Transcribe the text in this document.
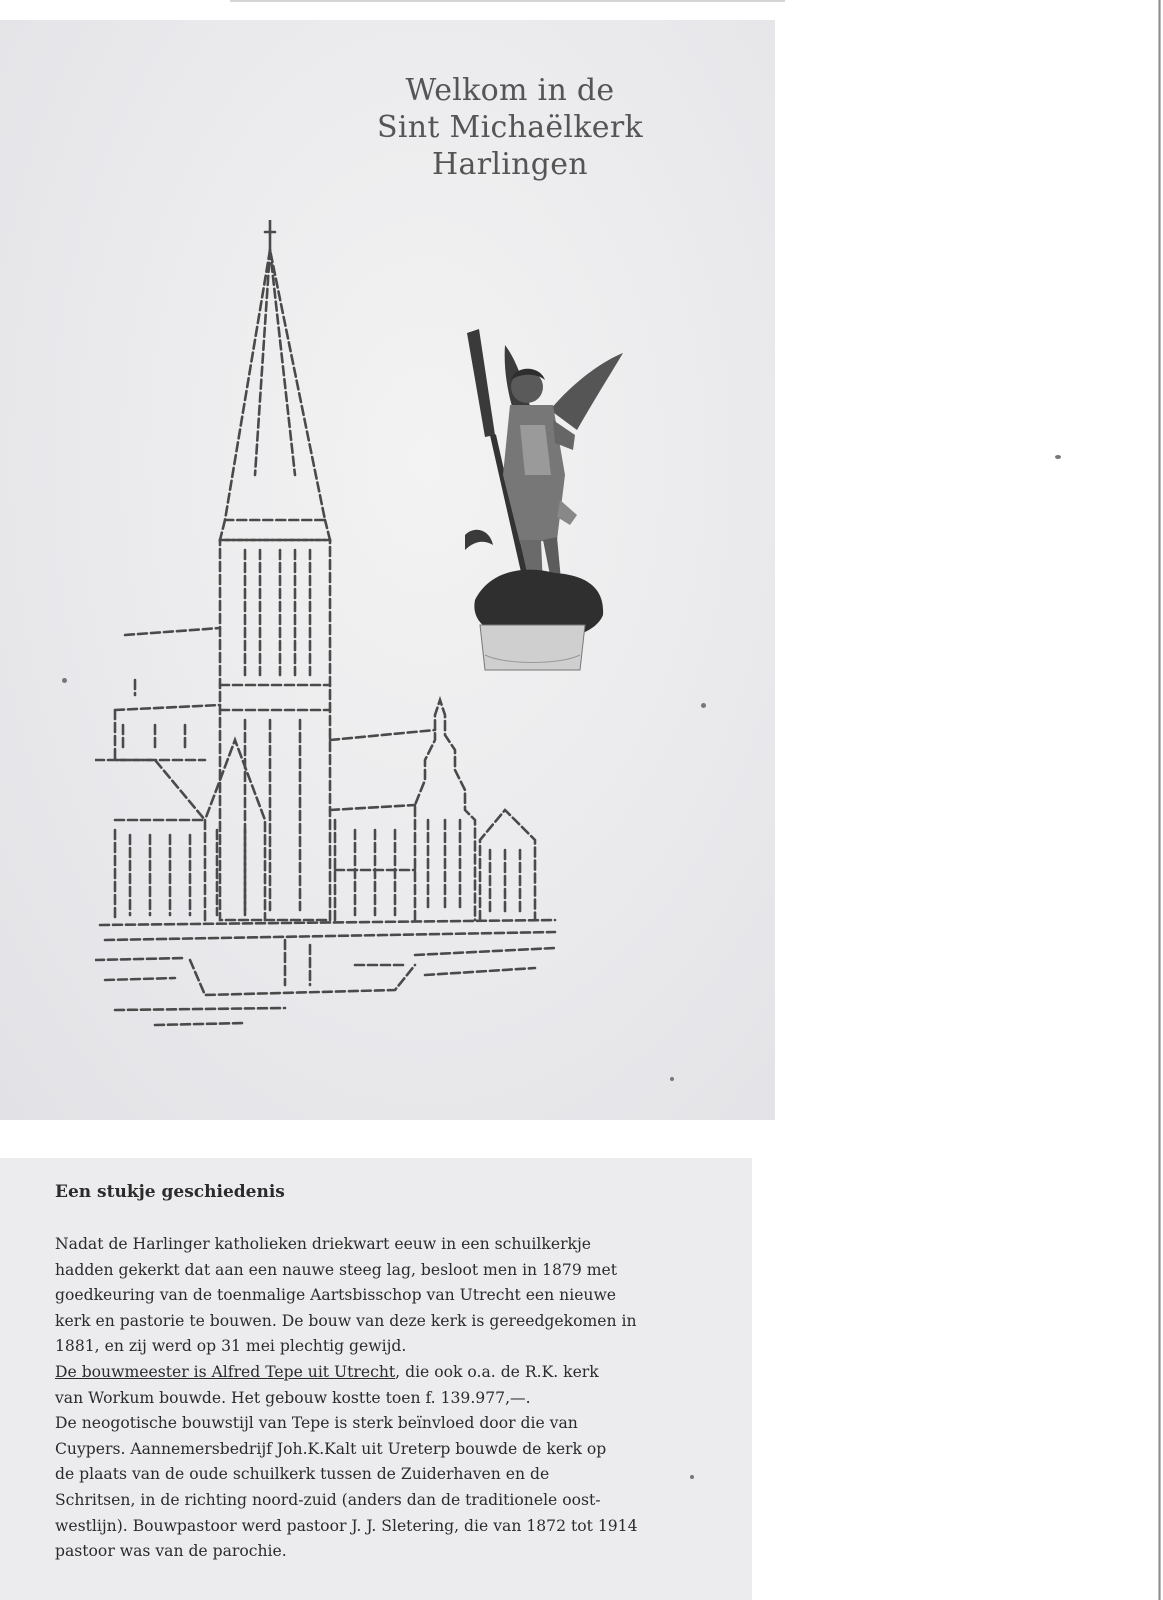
Welkom in de
Sint Michaëlkerk
Harlingen
Een stukje geschiedenis

Nadat de Harlinger katholieken driekwart eeuw in een schuilkerkje
hadden gekerkt dat aan een nauwe steeg lag, besloot men in 1879 met
goedkeuring van de toenmalige Aartsbisschop van Utrecht een nieuwe
kerk en pastorie te bouwen. De bouw van deze kerk is gereedgekomen in
1881, en zij werd op 31 mei plechtig gewijd.
De bouwmeester is Alfred Tepe uit Utrecht, die ook o.a. de R.K. kerk
van Workum bouwde. Het gebouw kostte toen f. 139.977,—.
De neogotische bouwstijl van Tepe is sterk beïnvloed door die van
Cuypers. Aannemersbedrijf Joh.K.Kalt uit Ureterp bouwde de kerk op
de plaats van de oude schuilkerk tussen de Zuiderhaven en de
Schritsen, in de richting noord-zuid (anders dan de traditionele oost-
westlijn). Bouwpastoor werd pastoor J. J. Sletering, die van 1872 tot 1914
pastoor was van de parochie.
